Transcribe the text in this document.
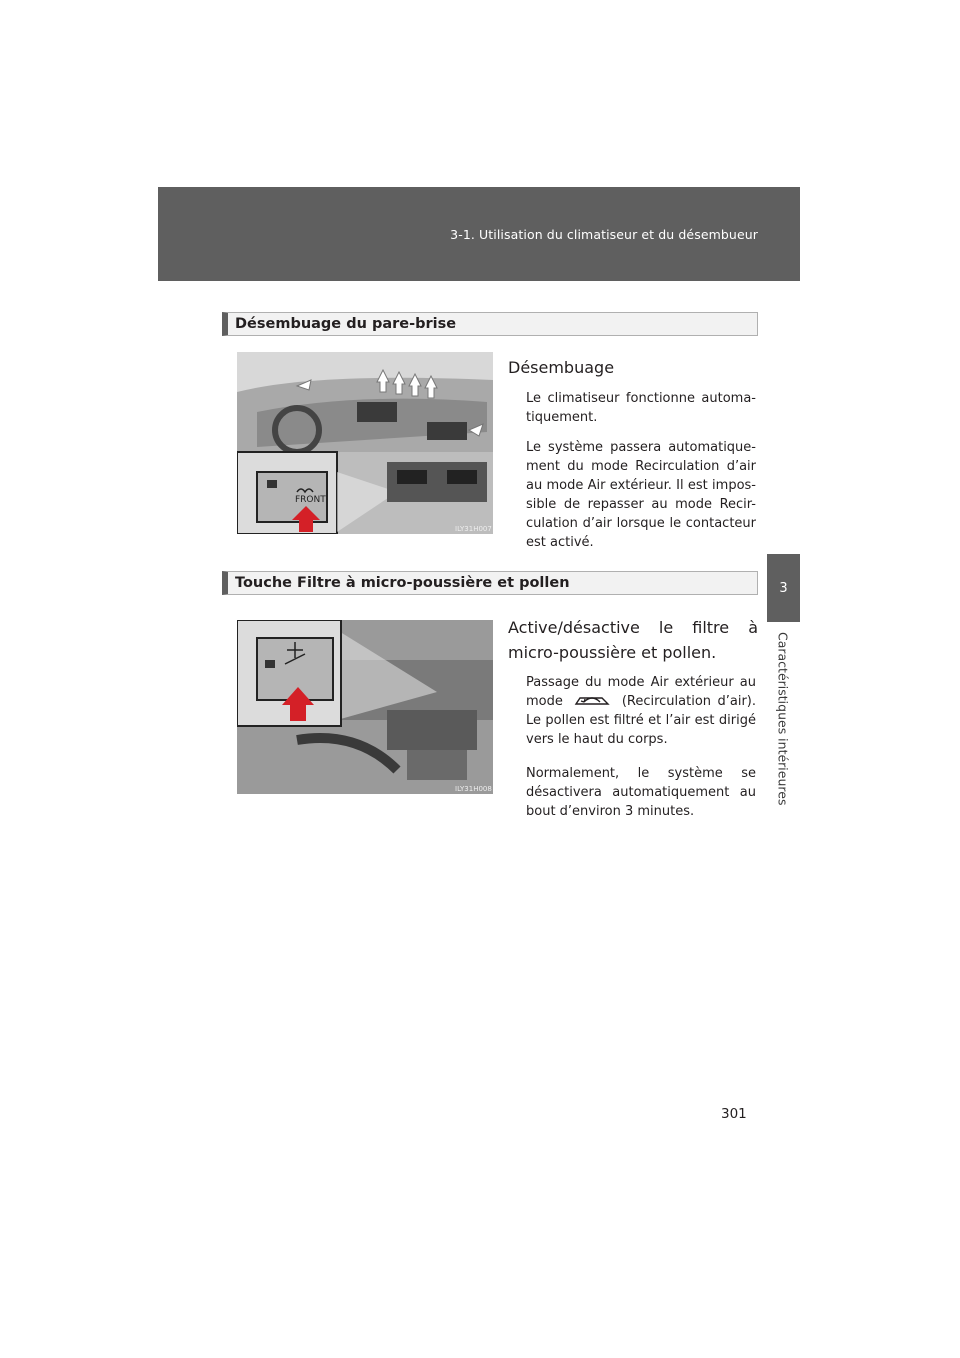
3-1. Utilisation du climatiseur et du désembueur
3
Caractéristiques intérieures
Désembuage du pare-brise
FRONT
ILY31H007
Désembuage
Le climatiseur fonctionne automa-tiquement.
Le système passera automatique-ment du mode Recirculation d’air au mode Air extérieur. Il est impos-sible de repasser au mode Recir-culation d’air lorsque le contacteur est activé.
Touche Filtre à micro-poussière et pollen
ILY31H008
Active/désactive le filtre à micro-poussière et pollen.
Passage du mode Air extérieur au mode	(Recirculation d’air). Le pollen est filtré et l’air est dirigé vers le haut du corps.
Normalement, le système se désactivera automatiquement au bout d’environ 3 minutes.
301
